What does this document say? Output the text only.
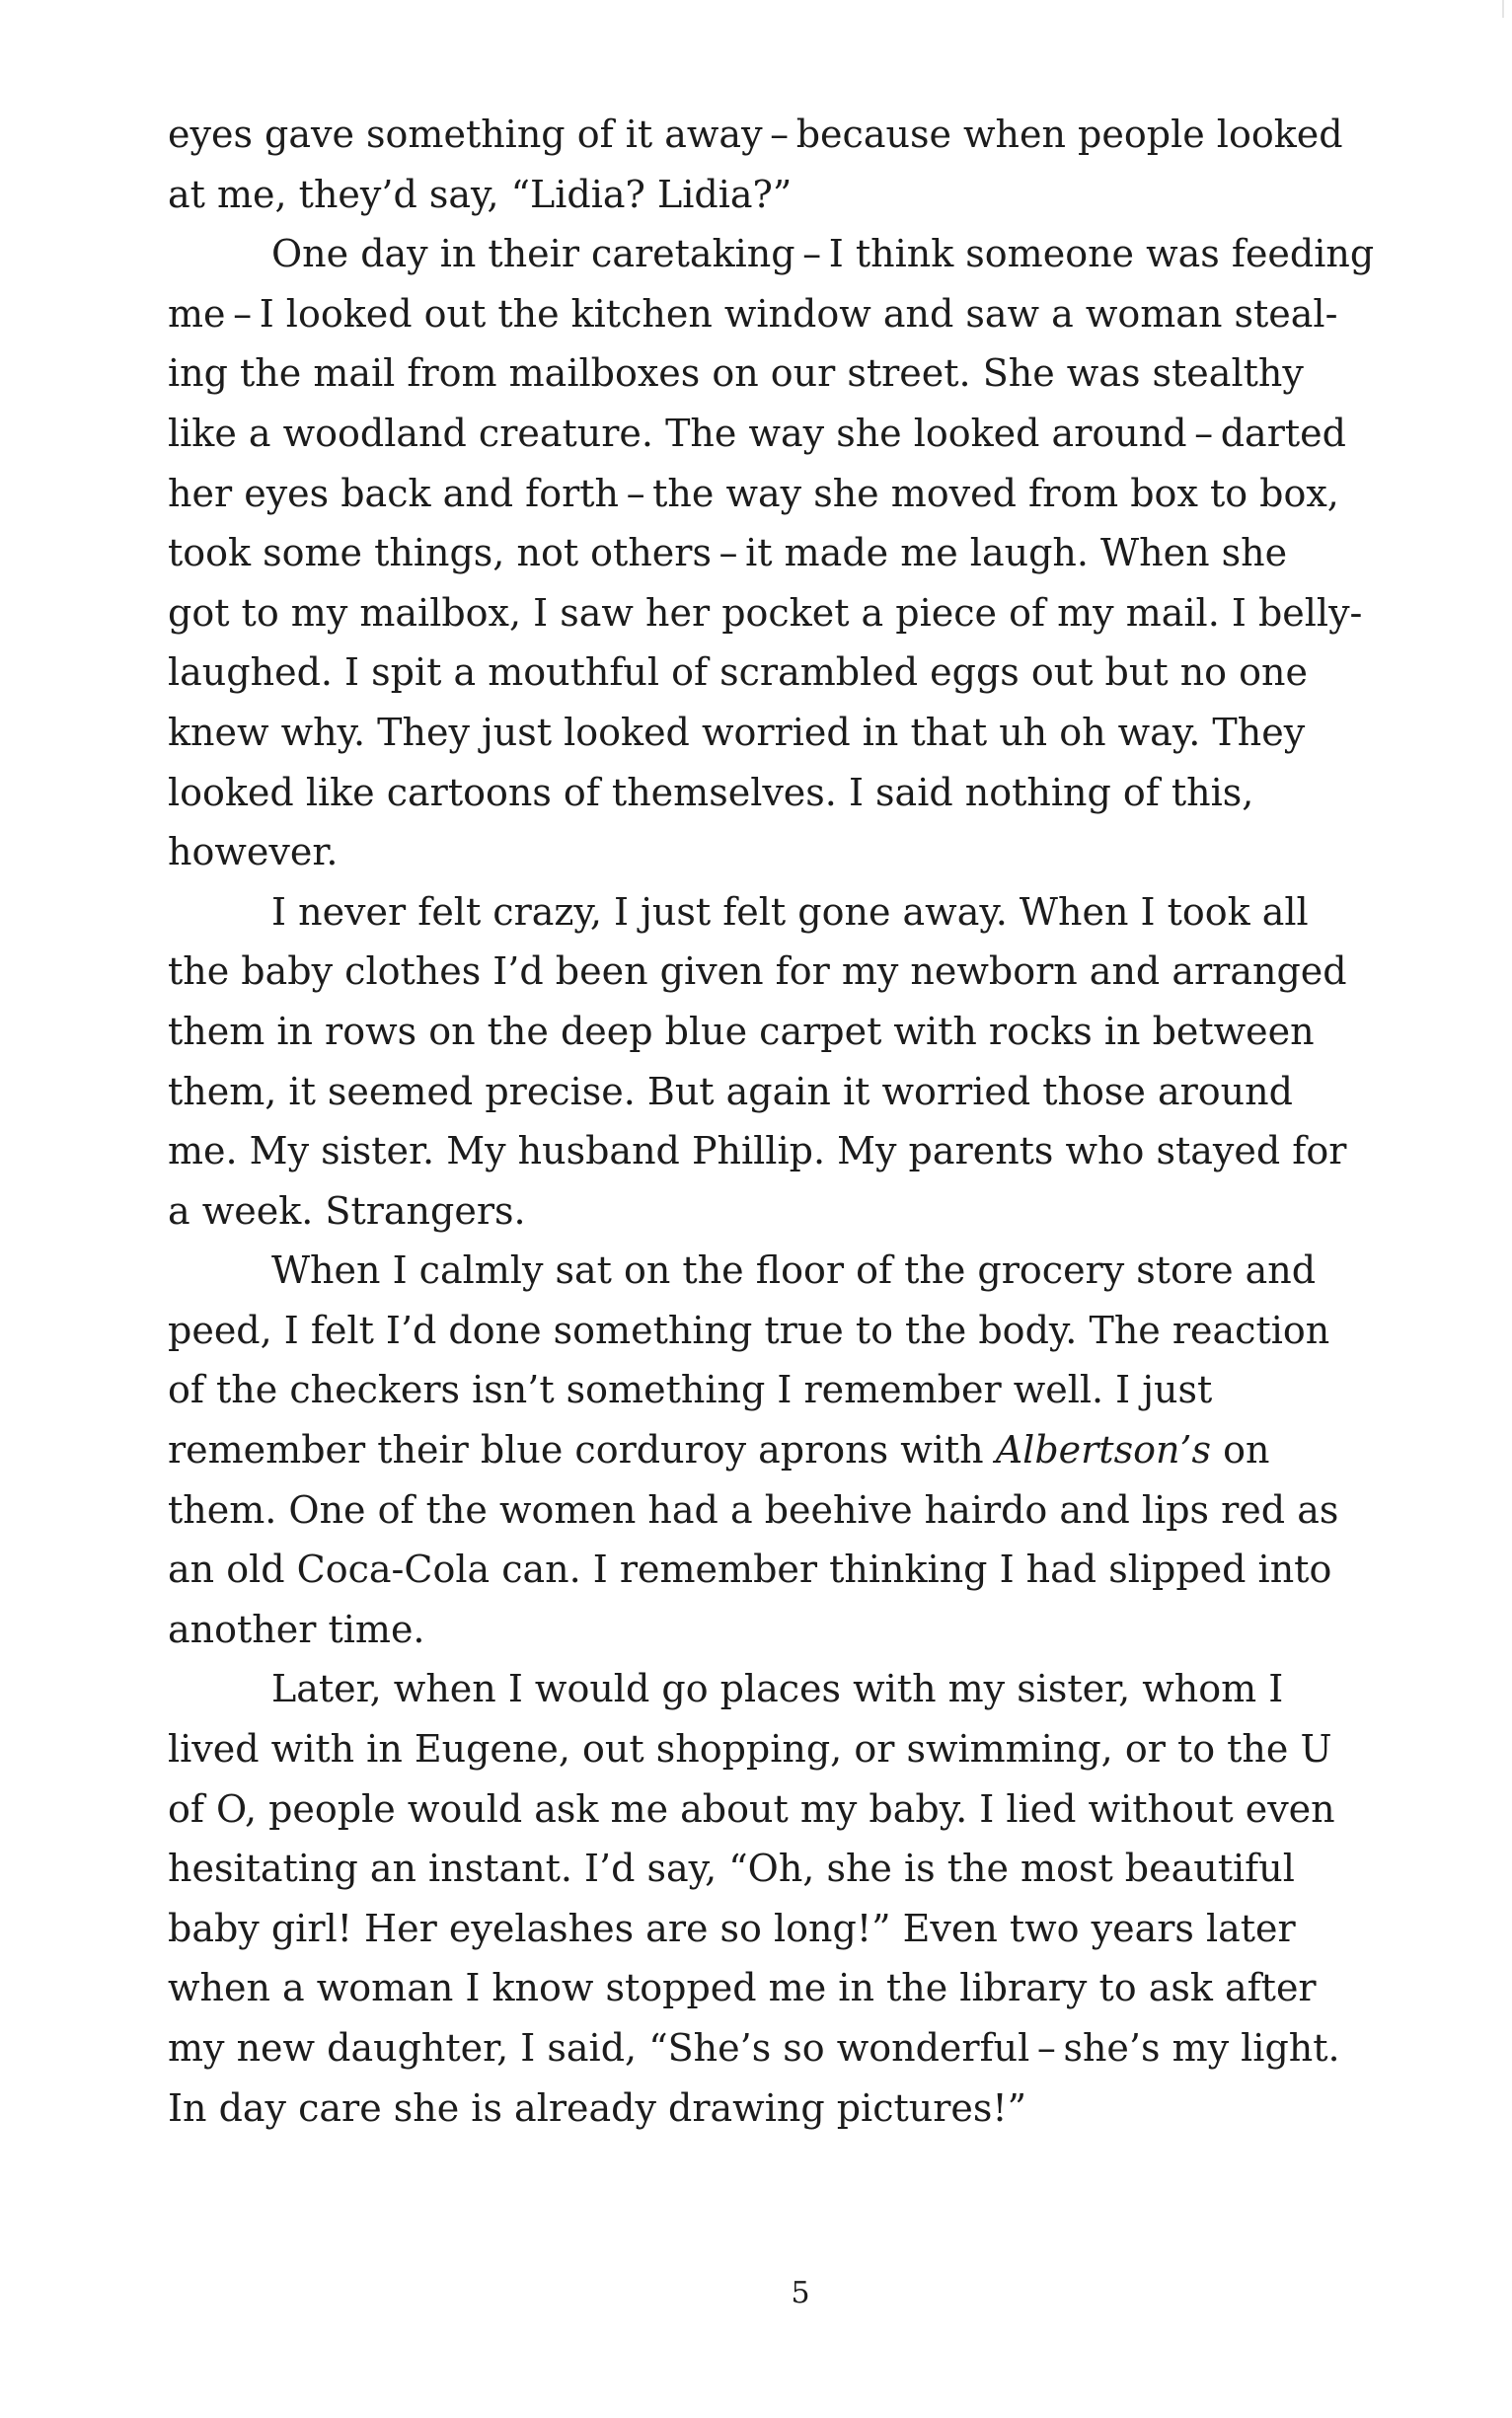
eyes gave something of it away – because when people looked
at me, they’d say, “Lidia? Lidia?”
One day in their caretaking – I think someone was feeding
me – I looked out the kitchen window and saw a woman steal-
ing the mail from mailboxes on our street. She was stealthy
like a woodland creature. The way she looked around – darted
her eyes back and forth – the way she moved from box to box,
took some things, not others – it made me laugh. When she
got to my mailbox, I saw her pocket a piece of my mail. I belly-
laughed. I spit a mouthful of scrambled eggs out but no one
knew why. They just looked worried in that uh oh way. They
looked like cartoons of themselves. I said nothing of this,
however.
I never felt crazy, I just felt gone away. When I took all
the baby clothes I’d been given for my newborn and arranged
them in rows on the deep blue carpet with rocks in between
them, it seemed precise. But again it worried those around
me. My sister. My husband Phillip. My parents who stayed for
a week. Strangers.
When I calmly sat on the floor of the grocery store and
peed, I felt I’d done something true to the body. The reaction
of the checkers isn’t something I remember well. I just
remember their blue corduroy aprons with Albertson’s on
them. One of the women had a beehive hairdo and lips red as
an old Coca-Cola can. I remember thinking I had slipped into
another time.
Later, when I would go places with my sister, whom I
lived with in Eugene, out shopping, or swimming, or to the U
of O, people would ask me about my baby. I lied without even
hesitating an instant. I’d say, “Oh, she is the most beautiful
baby girl! Her eyelashes are so long!” Even two years later
when a woman I know stopped me in the library to ask after
my new daughter, I said, “She’s so wonderful – she’s my light.
In day care she is already drawing pictures!”
5
